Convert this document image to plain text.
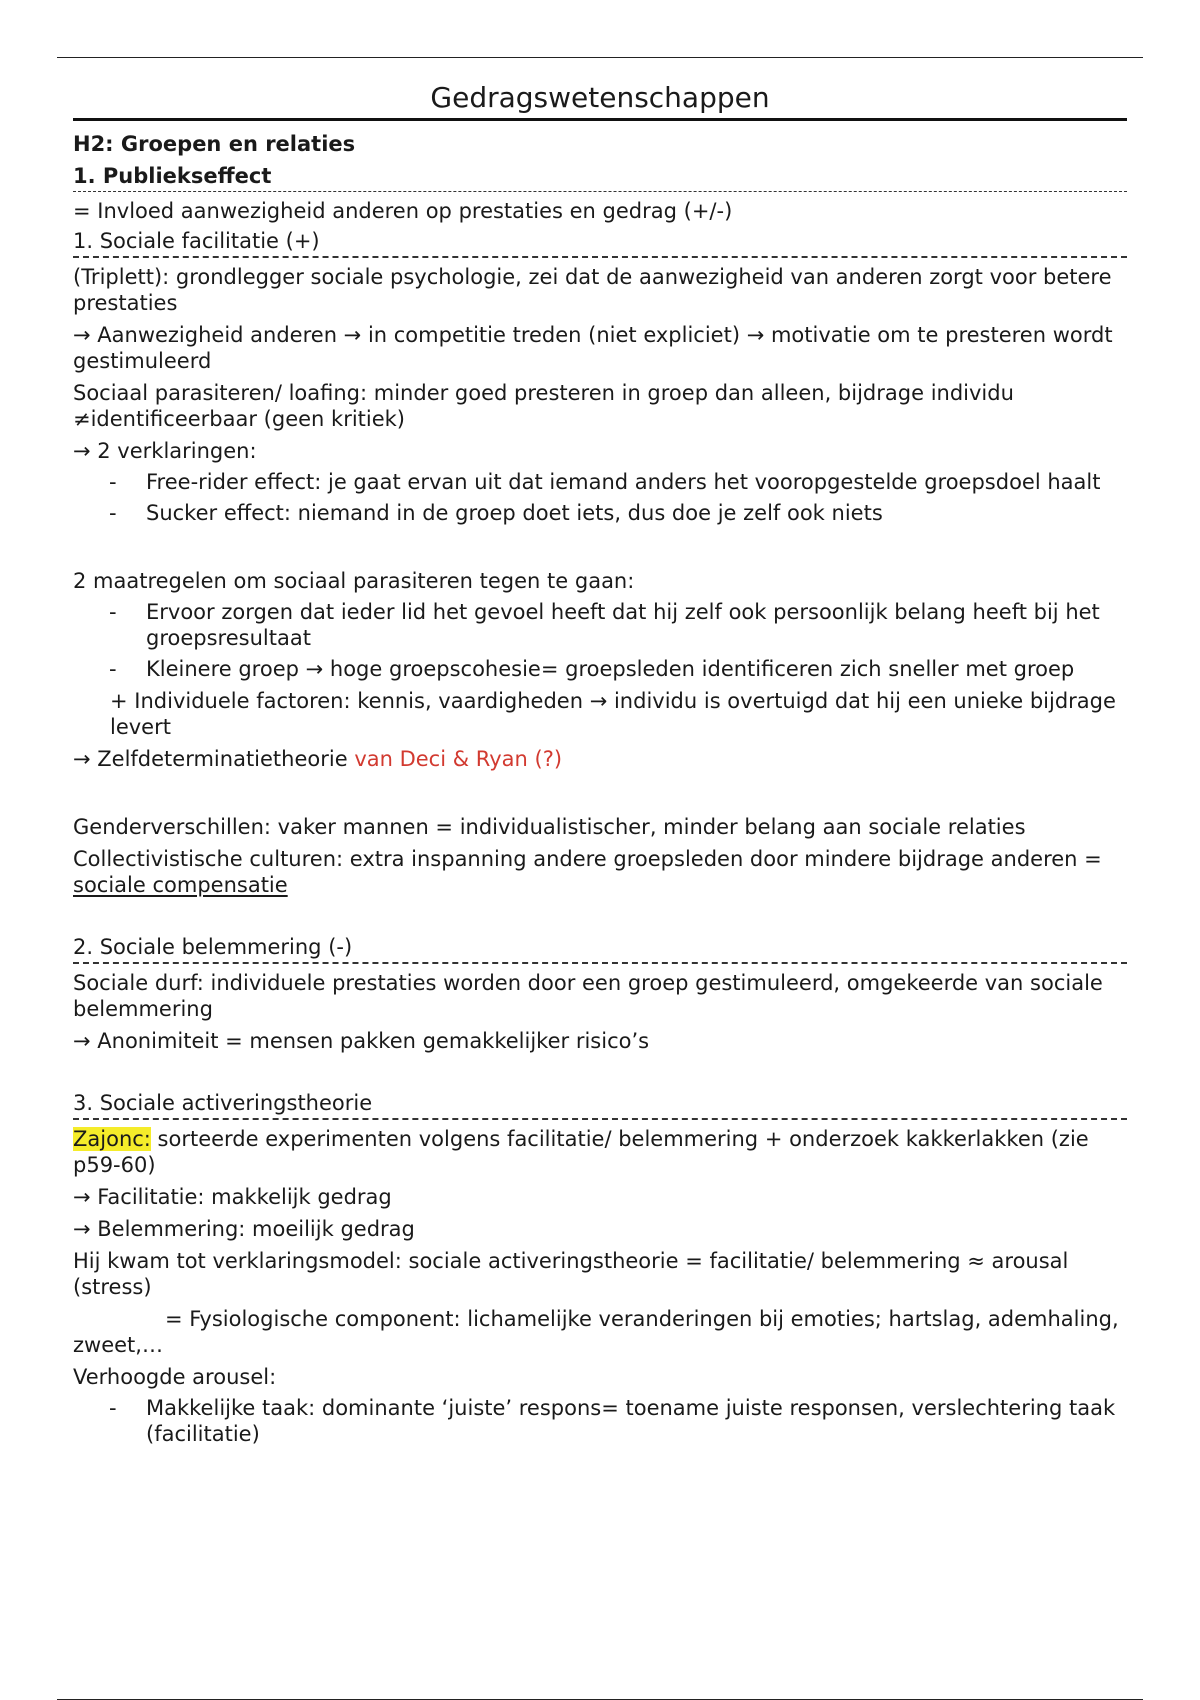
Gedragswetenschappen
H2: Groepen en relaties
1. Publiekseffect

= Invloed aanwezigheid anderen op prestaties en gedrag (+/-)

1. Sociale facilitatie (+)

(Triplett): grondlegger sociale psychologie, zei dat de aanwezigheid van anderen zorgt voor betere prestaties

→ Aanwezigheid anderen → in competitie treden (niet expliciet) → motivatie om te presteren wordt gestimuleerd

Sociaal parasiteren/ loafing: minder goed presteren in groep dan alleen, bijdrage individu ≠identificeerbaar (geen kritiek)

→ 2 verklaringen:

- Free-rider effect: je gaat ervan uit dat iemand anders het vooropgestelde groepsdoel haalt
- Sucker effect: niemand in de groep doet iets, dus doe je zelf ook niets

2 maatregelen om sociaal parasiteren tegen te gaan:

- Ervoor zorgen dat ieder lid het gevoel heeft dat hij zelf ook persoonlijk belang heeft bij het groepsresultaat
- Kleinere groep → hoge groepscohesie= groepsleden identificeren zich sneller met groep

+ Individuele factoren: kennis, vaardigheden → individu is overtuigd dat hij een unieke bijdrage levert

→ Zelfdeterminatietheorie van Deci & Ryan (?)

Genderverschillen: vaker mannen = individualistischer, minder belang aan sociale relaties

Collectivistische culturen: extra inspanning andere groepsleden door mindere bijdrage anderen = sociale compensatie

2. Sociale belemmering (-)

Sociale durf: individuele prestaties worden door een groep gestimuleerd, omgekeerde van sociale belemmering

→ Anonimiteit = mensen pakken gemakkelijker risico’s

3. Sociale activeringstheorie

Zajonc: sorteerde experimenten volgens facilitatie/ belemmering + onderzoek kakkerlakken (zie p59-60)

→ Facilitatie: makkelijk gedrag

→ Belemmering: moeilijk gedrag

Hij kwam tot verklaringsmodel: sociale activeringstheorie = facilitatie/ belemmering ≈ arousal (stress)

= Fysiologische component: lichamelijke veranderingen bij emoties; hartslag, ademhaling, zweet,…

Verhoogde arousel:

- Makkelijke taak: dominante ‘juiste’ respons= toename juiste responsen, verslechtering taak (facilitatie)
